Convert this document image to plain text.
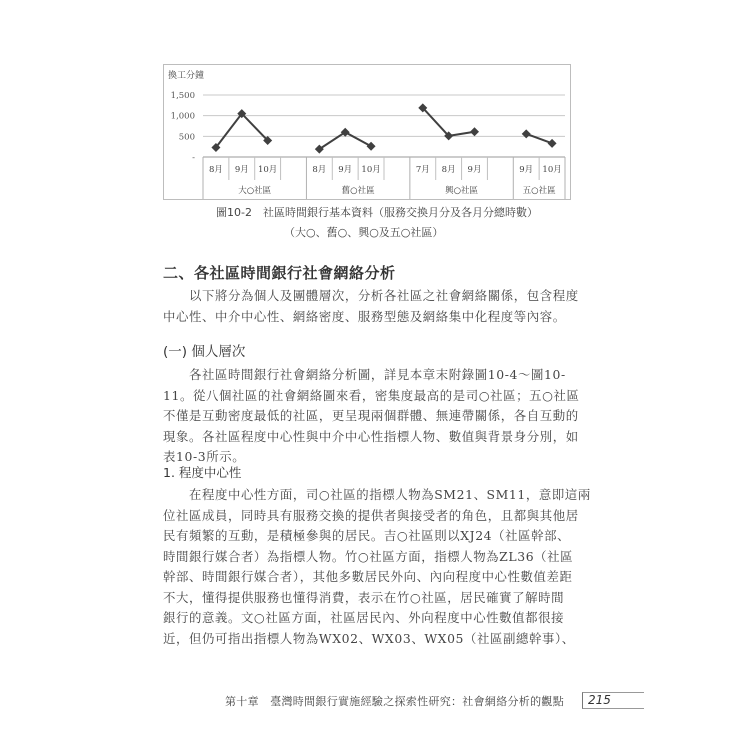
換工分鐘
-
500
1,000
1,500
8月 9月 10月
大○社區
8月 9月 10月
舊○社區
7月 8月 9月
興○社區
9月 10月
五○社區
圖10-2　社區時間銀行基本資料（服務交換月分及各月分總時數）
（大○、舊○、興○及五○社區）
二、各社區時間銀行社會網絡分析
　　以下將分為個人及團體層次，分析各社區之社會網絡關係，包含程度
中心性、中介中心性、網絡密度、服務型態及網絡集中化程度等內容。
(一) 個人層次
　　各社區時間銀行社會網絡分析圖，詳見本章末附錄圖10-4～圖10-
11。從八個社區的社會網絡圖來看，密集度最高的是司○社區；五○社區
不僅是互動密度最低的社區，更呈現兩個群體、無連帶關係，各自互動的
現象。各社區程度中心性與中介中心性指標人物、數值與背景身分別，如
表10-3所示。
1. 程度中心性
　　在程度中心性方面，司○社區的指標人物為SM21、SM11，意即這兩
位社區成員，同時具有服務交換的提供者與接受者的角色，且都與其他居
民有頻繁的互動，是積極參與的居民。吉○社區則以XJ24（社區幹部、
時間銀行媒合者）為指標人物。竹○社區方面，指標人物為ZL36（社區
幹部、時間銀行媒合者），其他多數居民外向、內向程度中心性數值差距
不大，懂得提供服務也懂得消費，表示在竹○社區，居民確實了解時間
銀行的意義。文○社區方面，社區居民內、外向程度中心性數值都很接
近，但仍可指出指標人物為WX02、WX03、WX05（社區副總幹事）、
第十章　臺灣時間銀行實施經驗之探索性研究：社會網絡分析的觀點 215
